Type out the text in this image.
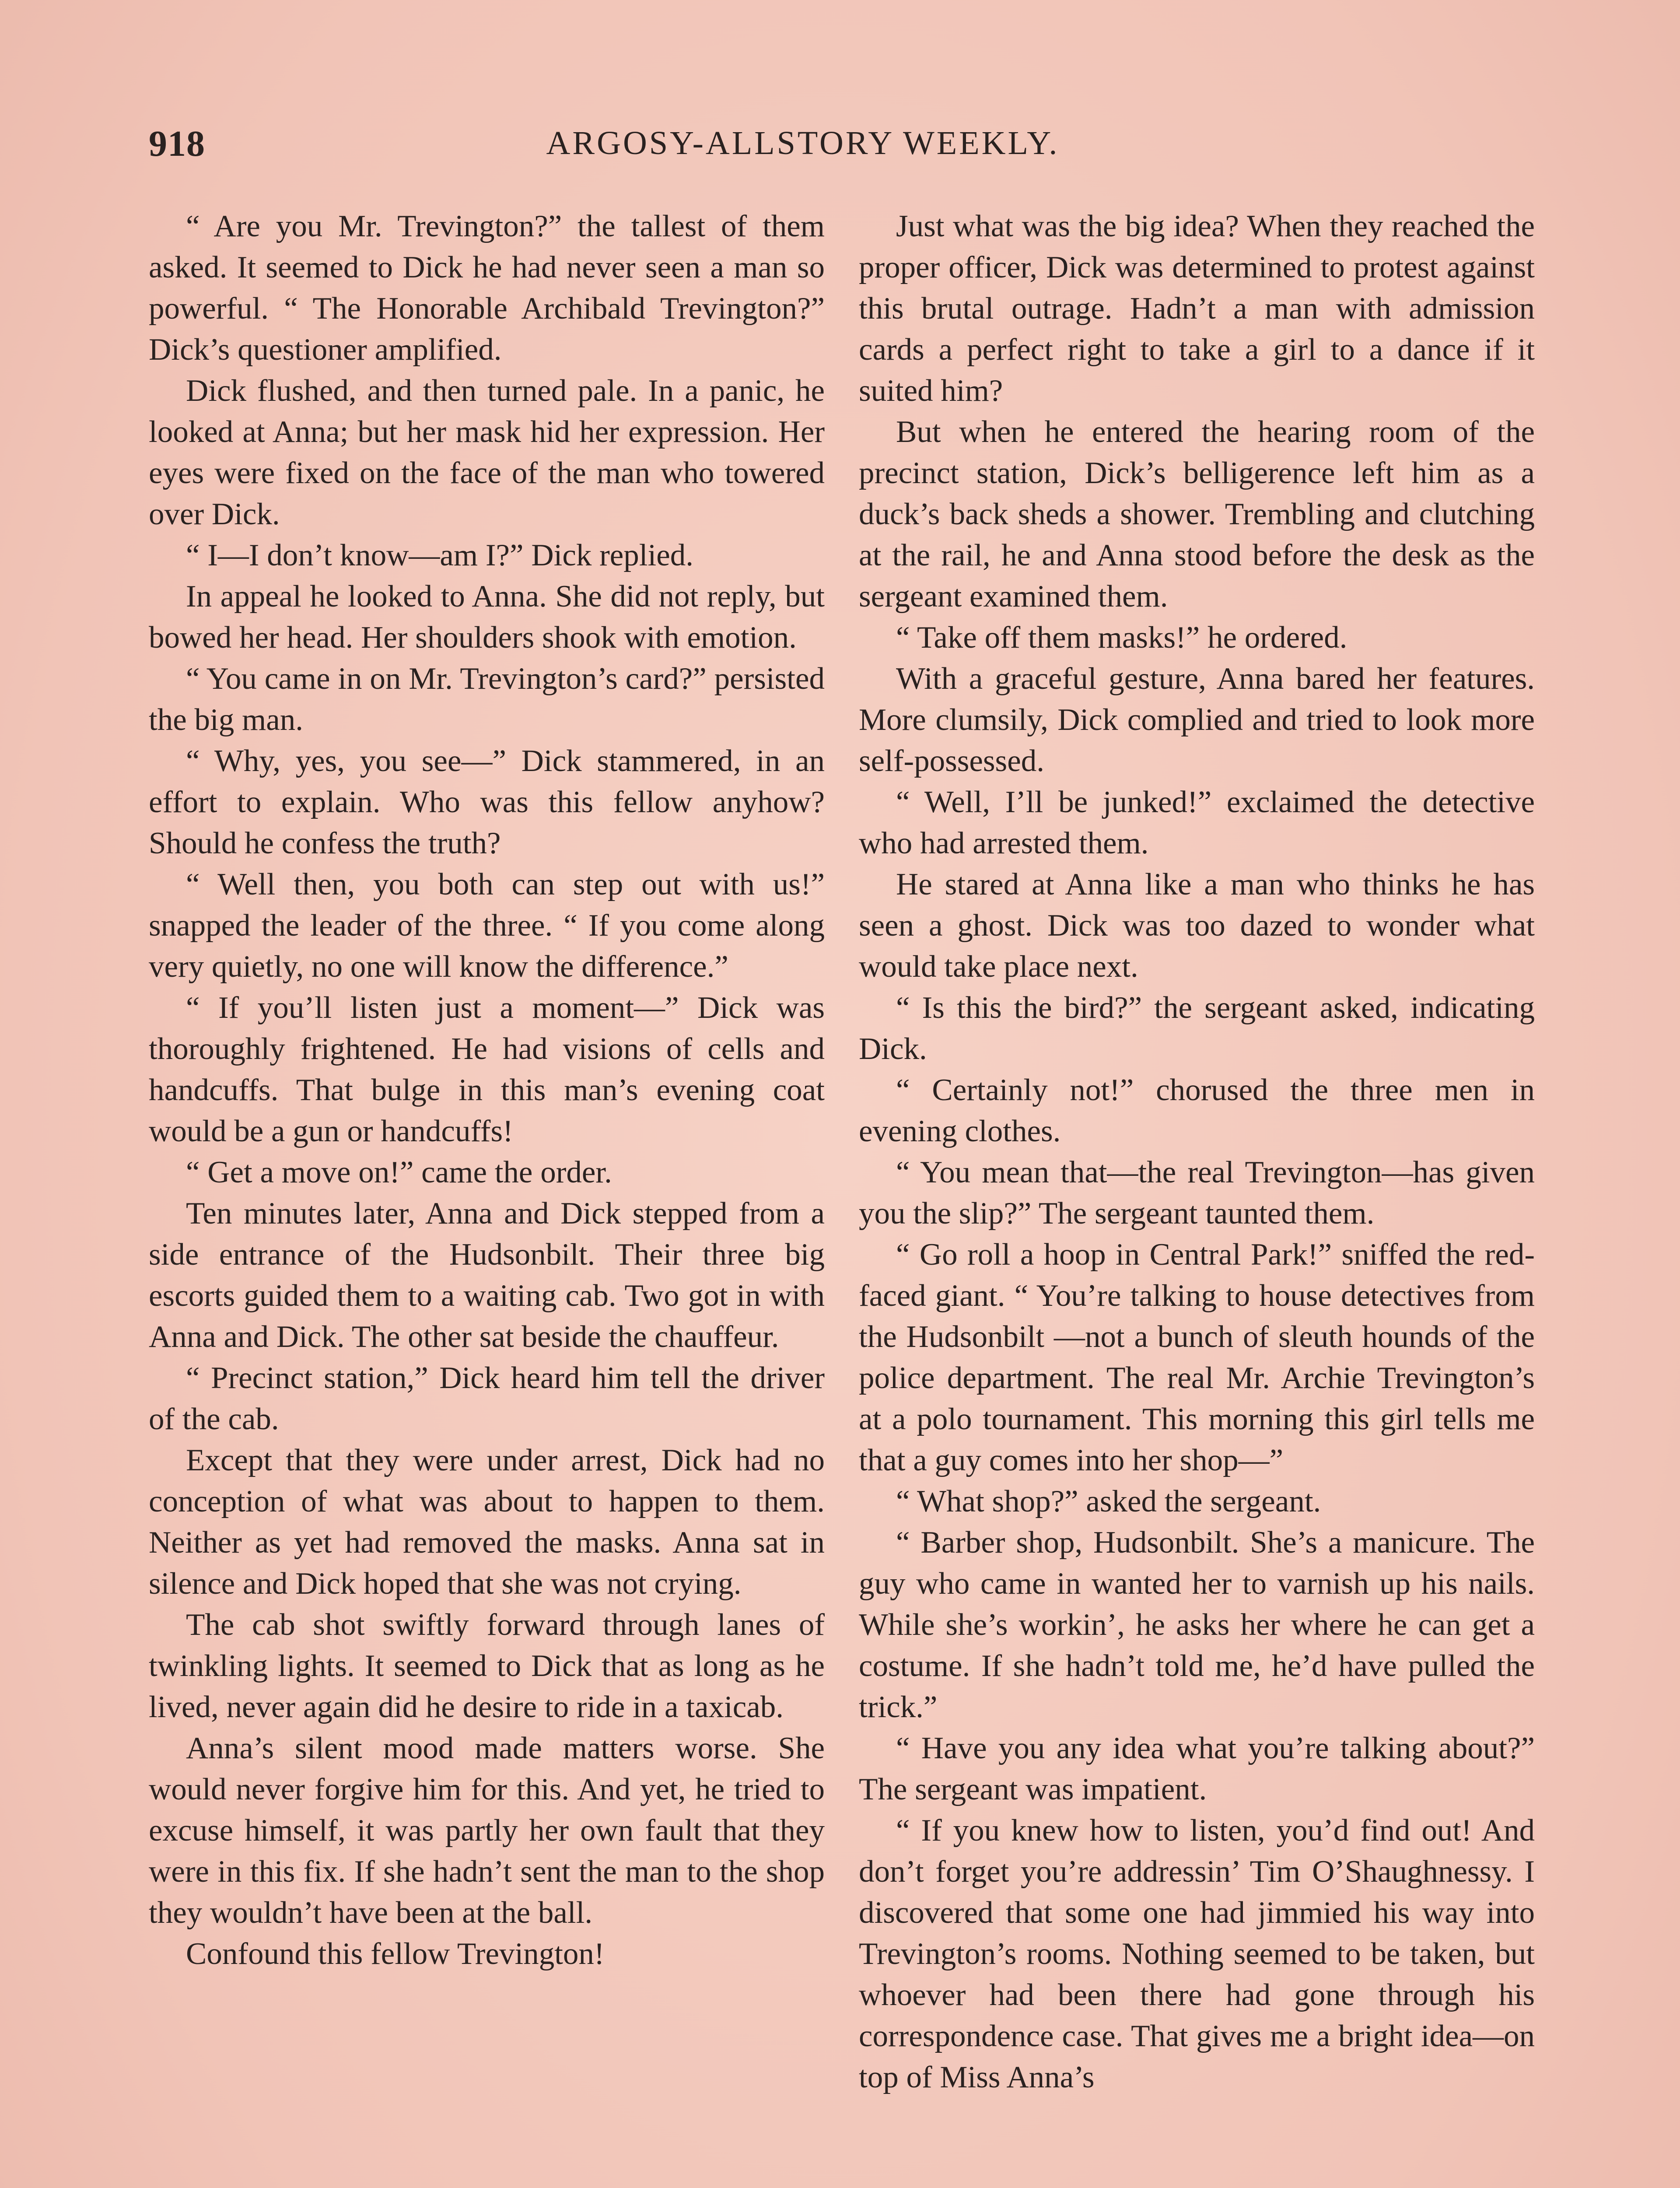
918	ARGOSY-ALLSTORY WEEKLY.

“ Are you Mr. Trevington?” the tallest of them asked. It seemed to Dick he had never seen a man so powerful. “ The Honorable Archibald Trevington?” Dick’s questioner amplified.

Dick flushed, and then turned pale. In a panic, he looked at Anna; but her mask hid her expression. Her eyes were fixed on the face of the man who towered over Dick.

“ I—I don’t know—am I?” Dick replied.

In appeal he looked to Anna. She did not reply, but bowed her head. Her shoulders shook with emotion.

“ You came in on Mr. Trevington’s card?” persisted the big man.

“ Why, yes, you see—” Dick stammered, in an effort to explain. Who was this fellow anyhow? Should he confess the truth?

“ Well then, you both can step out with us!” snapped the leader of the three. “ If you come along very quietly, no one will know the difference.”

“ If you’ll listen just a moment—” Dick was thoroughly frightened. He had visions of cells and handcuffs. That bulge in this man’s evening coat would be a gun or handcuffs!

“ Get a move on!” came the order.

Ten minutes later, Anna and Dick stepped from a side entrance of the Hudsonbilt. Their three big escorts guided them to a waiting cab. Two got in with Anna and Dick. The other sat beside the chauffeur.

“ Precinct station,” Dick heard him tell the driver of the cab.

Except that they were under arrest, Dick had no conception of what was about to happen to them. Neither as yet had removed the masks. Anna sat in silence and Dick hoped that she was not crying.

The cab shot swiftly forward through lanes of twinkling lights. It seemed to Dick that as long as he lived, never again did he desire to ride in a taxicab.

Anna’s silent mood made matters worse. She would never forgive him for this. And yet, he tried to excuse himself, it was partly her own fault that they were in this fix. If she hadn’t sent the man to the shop they wouldn’t have been at the ball.

Confound this fellow Trevington!

Just what was the big idea? When they reached the proper officer, Dick was determined to protest against this brutal outrage. Hadn’t a man with admission cards a perfect right to take a girl to a dance if it suited him?

But when he entered the hearing room of the precinct station, Dick’s belligerence left him as a duck’s back sheds a shower. Trembling and clutching at the rail, he and Anna stood before the desk as the sergeant examined them.

“ Take off them masks!” he ordered.

With a graceful gesture, Anna bared her features. More clumsily, Dick complied and tried to look more self-possessed.

“ Well, I’ll be junked!” exclaimed the detective who had arrested them.

He stared at Anna like a man who thinks he has seen a ghost. Dick was too dazed to wonder what would take place next.

“ Is this the bird?” the sergeant asked, indicating Dick.

“ Certainly not!” chorused the three men in evening clothes.

“ You mean that—the real Trevington—has given you the slip?” The sergeant taunted them.

“ Go roll a hoop in Central Park!” sniffed the red-faced giant. “ You’re talking to house detectives from the Hudsonbilt —not a bunch of sleuth hounds of the police department. The real Mr. Archie Trevington’s at a polo tournament. This morning this girl tells me that a guy comes into her shop—”

“ What shop?” asked the sergeant.

“ Barber shop, Hudsonbilt. She’s a manicure. The guy who came in wanted her to varnish up his nails. While she’s workin’, he asks her where he can get a costume. If she hadn’t told me, he’d have pulled the trick.”

“ Have you any idea what you’re talking about?” The sergeant was impatient.

“ If you knew how to listen, you’d find out! And don’t forget you’re addressin’ Tim O’Shaughnessy. I discovered that some one had jimmied his way into Trevington’s rooms. Nothing seemed to be taken, but whoever had been there had gone through his correspondence case. That gives me a bright idea—on top of Miss Anna’s
